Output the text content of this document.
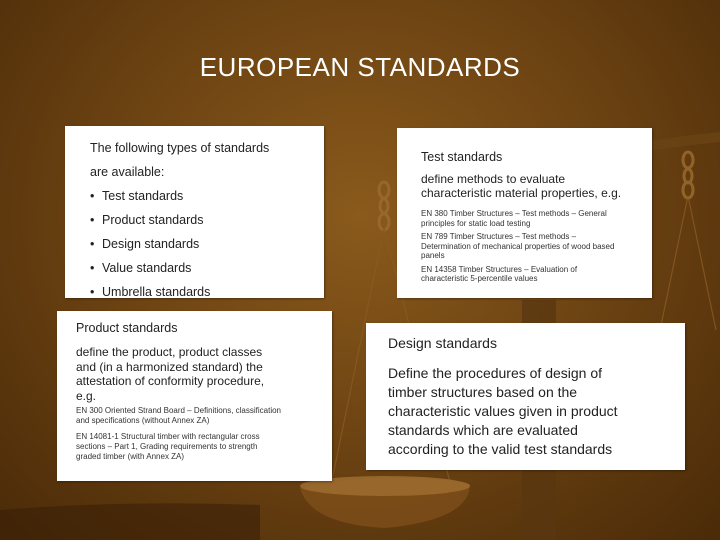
EUROPEAN STANDARDS
The following types of standards
are available:
• Test standards
• Product standards
• Design standards
• Value standards
• Umbrella standards
Test standards
define methods to evaluate
characteristic material properties, e.g.
EN 380 Timber Structures – Test methods – General
principles for static load testing
EN 789 Timber Structures – Test methods –
Determination of mechanical properties of wood based
panels
EN 14358 Timber Structures – Evaluation of
characteristic 5-percentile values
Product standards
define the product, product classes
and (in a harmonized standard) the
attestation of conformity procedure,
e.g.
EN 300 Oriented Strand Board – Definitions, classification
and specifications (without Annex ZA)
EN 14081-1 Structural timber with rectangular cross
sections – Part 1, Grading requirements to strength
graded timber (with Annex ZA)
Design standards
Define the procedures of design of
timber structures based on the
characteristic values given in product
standards which are evaluated
according to the valid test standards
